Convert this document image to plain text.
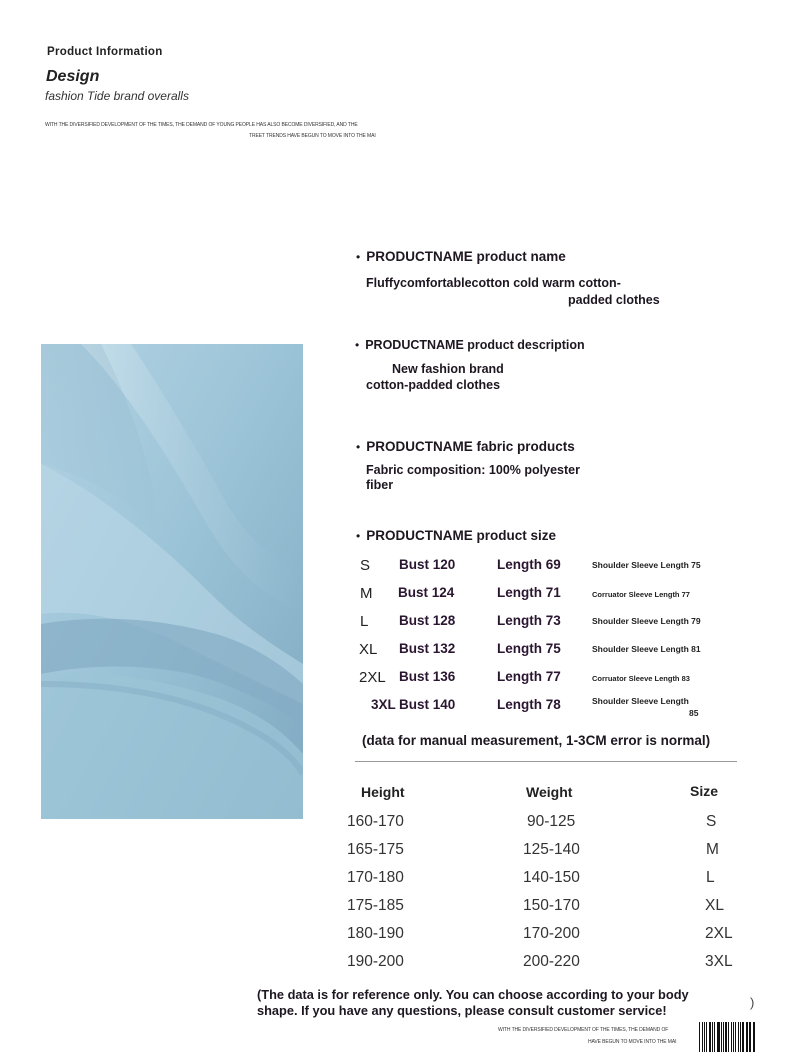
Product Information
Design
fashion Tide brand overalls
WITH THE DIVERSIFIED DEVELOPMENT OF THE TIMES, THE DEMAND OF YOUNG PEOPLE HAS ALSO BECOME DIVERSIFIED, AND THE
TREET TRENDS HAVE BEGUN TO MOVE INTO THE MAI
• PRODUCTNAME product name
Fluffycomfortablecotton cold warm cotton-
padded clothes
• PRODUCTNAME product description
New fashion brand
cotton-padded clothes
• PRODUCTNAME fabric products
Fabric composition: 100% polyester
fiber
• PRODUCTNAME product size
S Bust 120	Length 69	Shoulder Sleeve Length 75
M Bust 124	Length 71	Corruator Sleeve Length 77
L Bust 128	Length 73	Shoulder Sleeve Length 79
XL Bust 132	Length 75	Shoulder Sleeve Length 81
2XL Bust 136	Length 77	Corruator Sleeve Length 83
3XL Bust 140	Length 78	Shoulder Sleeve Length
85
(data for manual measurement, 1-3CM error is normal)
Height	Weight	Size
160-170	90-125	S
165-175	125-140	M
170-180	140-150	L
175-185	150-170	XL
180-190	170-200	2XL
190-200	200-220	3XL
(The data is for reference only. You can choose according to your body
shape. If you have any questions, please consult customer service!
)
WITH THE DIVERSIFIED DEVELOPMENT OF THE TIMES, THE DEMAND OF
HAVE BEGUN TO MOVE INTO THE MAI
